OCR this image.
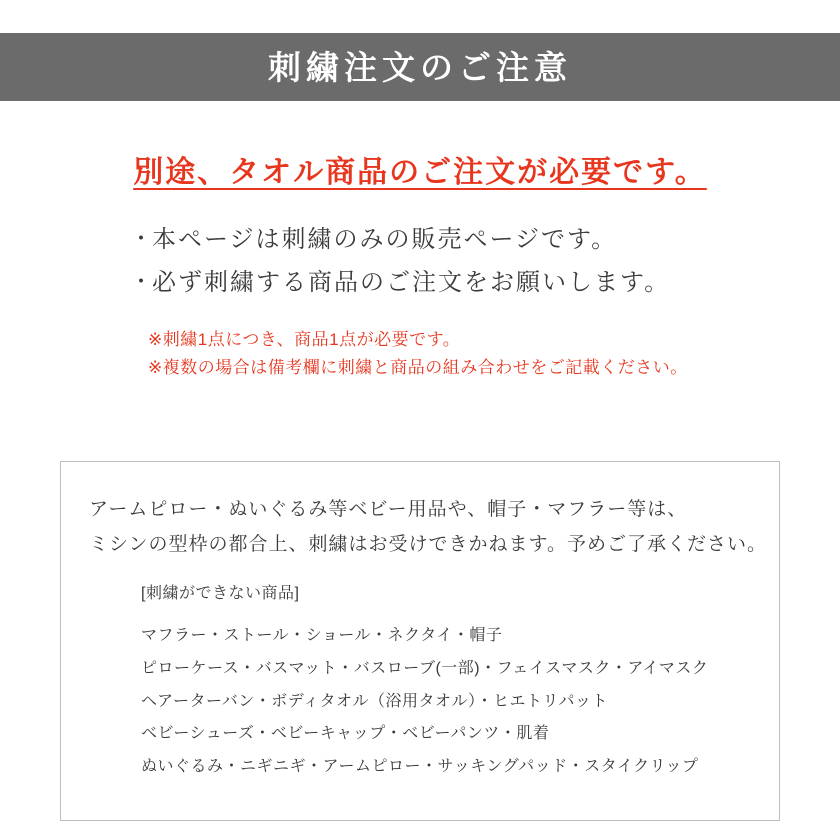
刺繍注文のご注意
別途、タオル商品のご注文が必要です。
・
本ページは刺繍のみの販売ページです。
・
必ず刺繍する商品のご注文をお願いします。
※刺繍1点につき、商品1点が必要です。
※複数の場合は備考欄に刺繍と商品の組み合わせをご記載ください。
アームピロー・ぬいぐるみ等ベビー用品や、帽子・マフラー等は、
ミシンの型枠の都合上、刺繍はお受けできかねます。予めご了承ください。
[刺繍ができない商品]
マフラー・ストール・ショール・ネクタイ・帽子
ピローケース・バスマット・バスローブ(一部)・フェイスマスク・アイマスク
ヘアーターバン・ボディタオル（浴用タオル）・ヒエトリパット
ベビーシューズ・ベビーキャップ・ベビーパンツ・肌着
ぬいぐるみ・ニギニギ・アームピロー・サッキングパッド・スタイクリップ
